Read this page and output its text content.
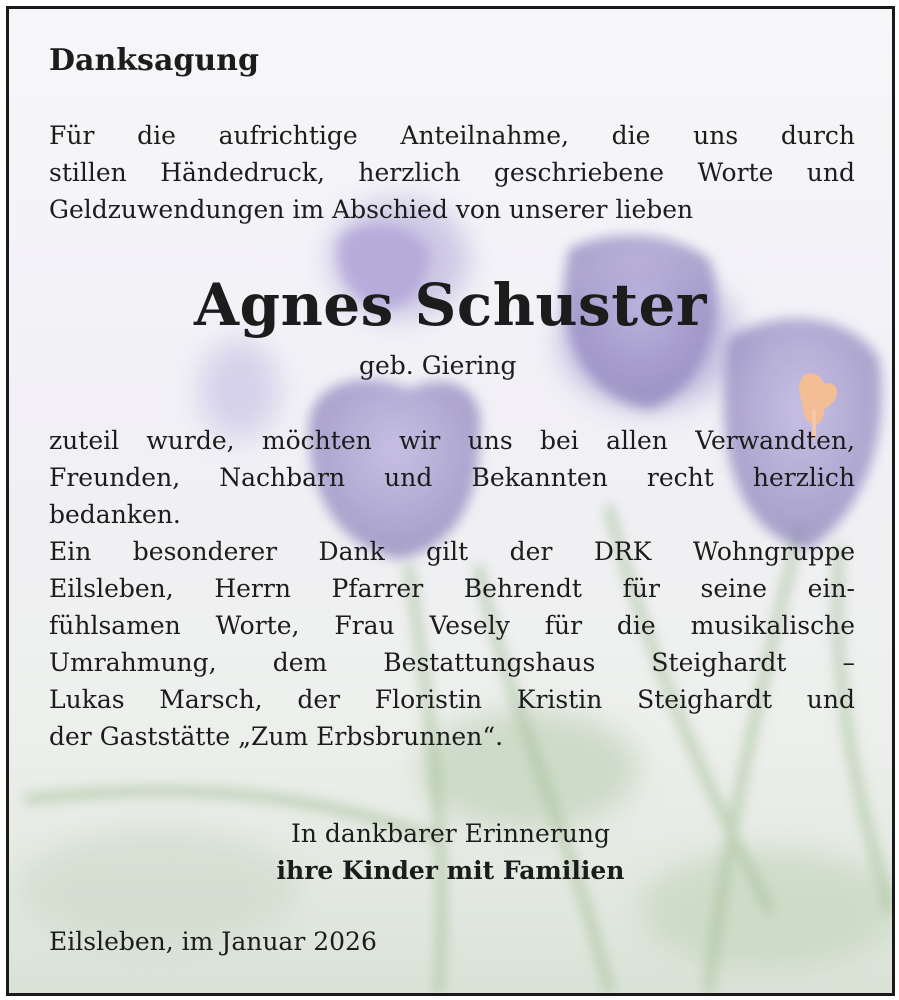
Danksagung

Für die aufrichtige Anteilnahme, die uns durch
stillen Händedruck, herzlich geschriebene Worte und
Geldzuwendungen im Abschied von unserer lieben

Agnes Schuster

geb. Giering

zuteil wurde, möchten wir uns bei allen Verwandten,
Freunden, Nachbarn und Bekannten recht herzlich
bedanken.
Ein besonderer Dank gilt der DRK Wohngruppe
Eilsleben, Herrn Pfarrer Behrendt für seine ein-
fühlsamen Worte, Frau Vesely für die musikalische
Umrahmung, dem Bestattungshaus Steighardt –
Lukas Marsch, der Floristin Kristin Steighardt und
der Gaststätte „Zum Erbsbrunnen“.

In dankbarer Erinnerung

ihre Kinder mit Familien

Eilsleben, im Januar 2026
